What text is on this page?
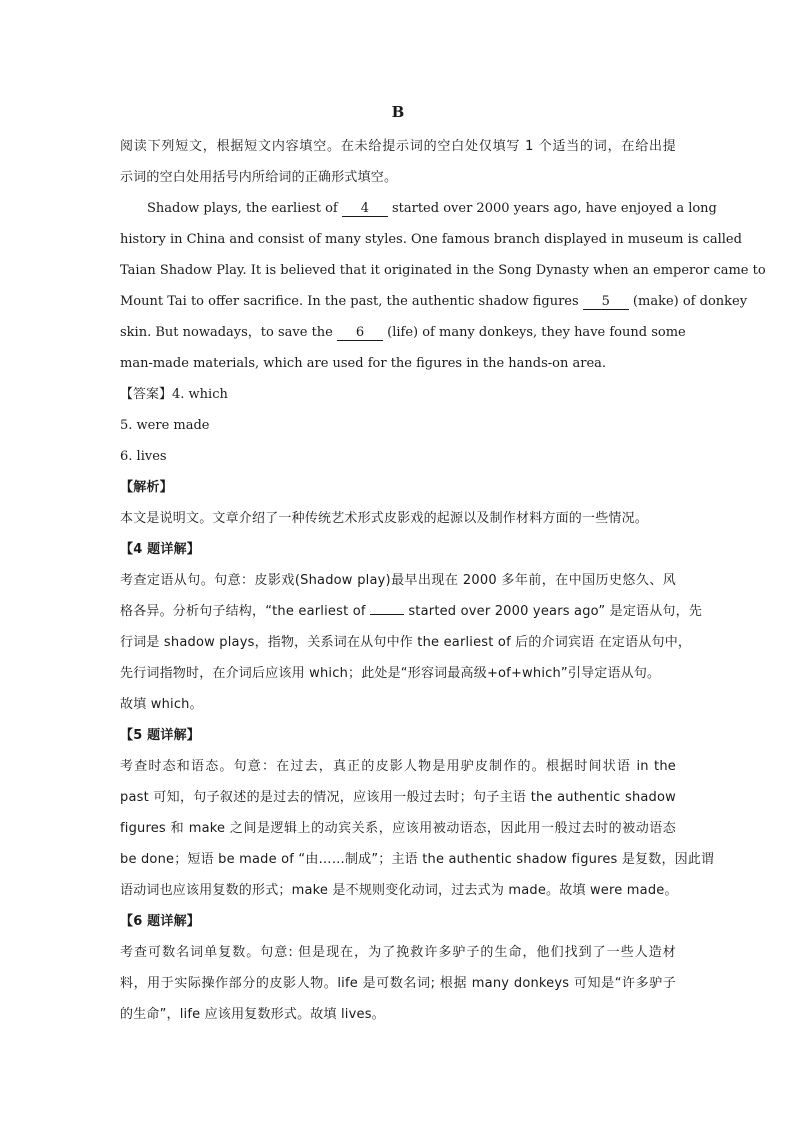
B
阅读下列短文，根据短文内容填空。在未给提示词的空白处仅填写 1 个适当的词，在给出提
示词的空白处用括号内所给词的正确形式填空。
Shadow plays, the earliest of 4 started over 2000 years ago, have enjoyed a long
history in China and consist of many styles. One famous branch displayed in museum is called
Taian Shadow Play. It is believed that it originated in the Song Dynasty when an emperor came to
Mount Tai to offer sacrifice. In the past, the authentic shadow figures 5 (make) of donkey
skin. But nowadays，to save the 6 (life) of many donkeys, they have found some
man-made materials, which are used for the figures in the hands-on area.
【答案】4. which
5. were made
6. lives
【解析】
本文是说明文。文章介绍了一种传统艺术形式皮影戏的起源以及制作材料方面的一些情况。
【4 题详解】
考查定语从句。句意：皮影戏(Shadow play)最早出现在 2000 多年前，在中国历史悠久、风
格各异。分析句子结构，“the earliest of	started over 2000 years ago” 是定语从句，先
行词是 shadow plays，指物，关系词在从句中作 the earliest of 后的介词宾语 在定语从句中，
先行词指物时，在介词后应该用 which；此处是“形容词最高级+of+which”引导定语从句。
故填 which。
【5 题详解】
考查时态和语态。句意：在过去，真正的皮影人物是用驴皮制作的。根据时间状语 in the
past 可知，句子叙述的是过去的情况，应该用一般过去时；句子主语 the authentic shadow
figures 和 make 之间是逻辑上的动宾关系，应该用被动语态，因此用一般过去时的被动语态
be done；短语 be made of “由……制成”；主语 the authentic shadow figures 是复数，因此谓
语动词也应该用复数的形式；make 是不规则变化动词，过去式为 made。故填 were made。
【6 题详解】
考查可数名词单复数。句意: 但是现在，为了挽救许多驴子的生命，他们找到了一些人造材
料，用于实际操作部分的皮影人物。life 是可数名词; 根据 many donkeys 可知是“许多驴子
的生命”，life 应该用复数形式。故填 lives。
